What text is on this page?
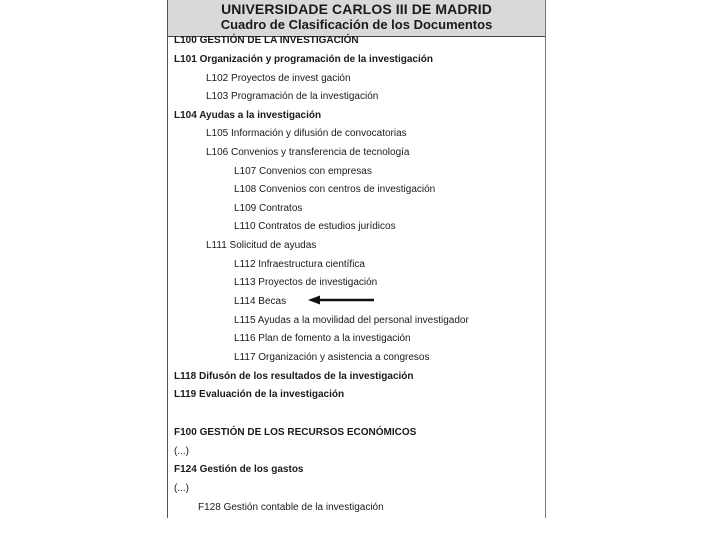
UNIVERSIDADE CARLOS III DE MADRID
Cuadro de Clasificación de los Documentos
L100 GESTIÓN DE LA INVESTIGACIÓN
L101 Organización y programación de la investigación
L102 Proyectos de invest gación
L103 Programación de la investigación
L104 Ayudas a la investigación
L105 Información y difusión de convocatorias
L106 Convenios y transferencia de tecnología
L107 Convenios con empresas
L108 Convenios con centros de investigación
L109 Contratos
L110 Contratos de estudios jurídicos
L111 Solicitud de ayudas
L112 Infraestructura científica
L113 Proyectos de investigación
L114 Becas
L115 Ayudas a la movilidad del personal investigador
L116 Plan de fomento a la investigación
L117 Organización y asistencia a congresos
L118 Difusón de los resultados de la investigación
L119 Evaluación de la investigación
F100 GESTIÓN DE LOS RECURSOS ECONÓMICOS
(...)
F124 Gestión de los gastos
(...)
F128 Gestión contable de la investigación
